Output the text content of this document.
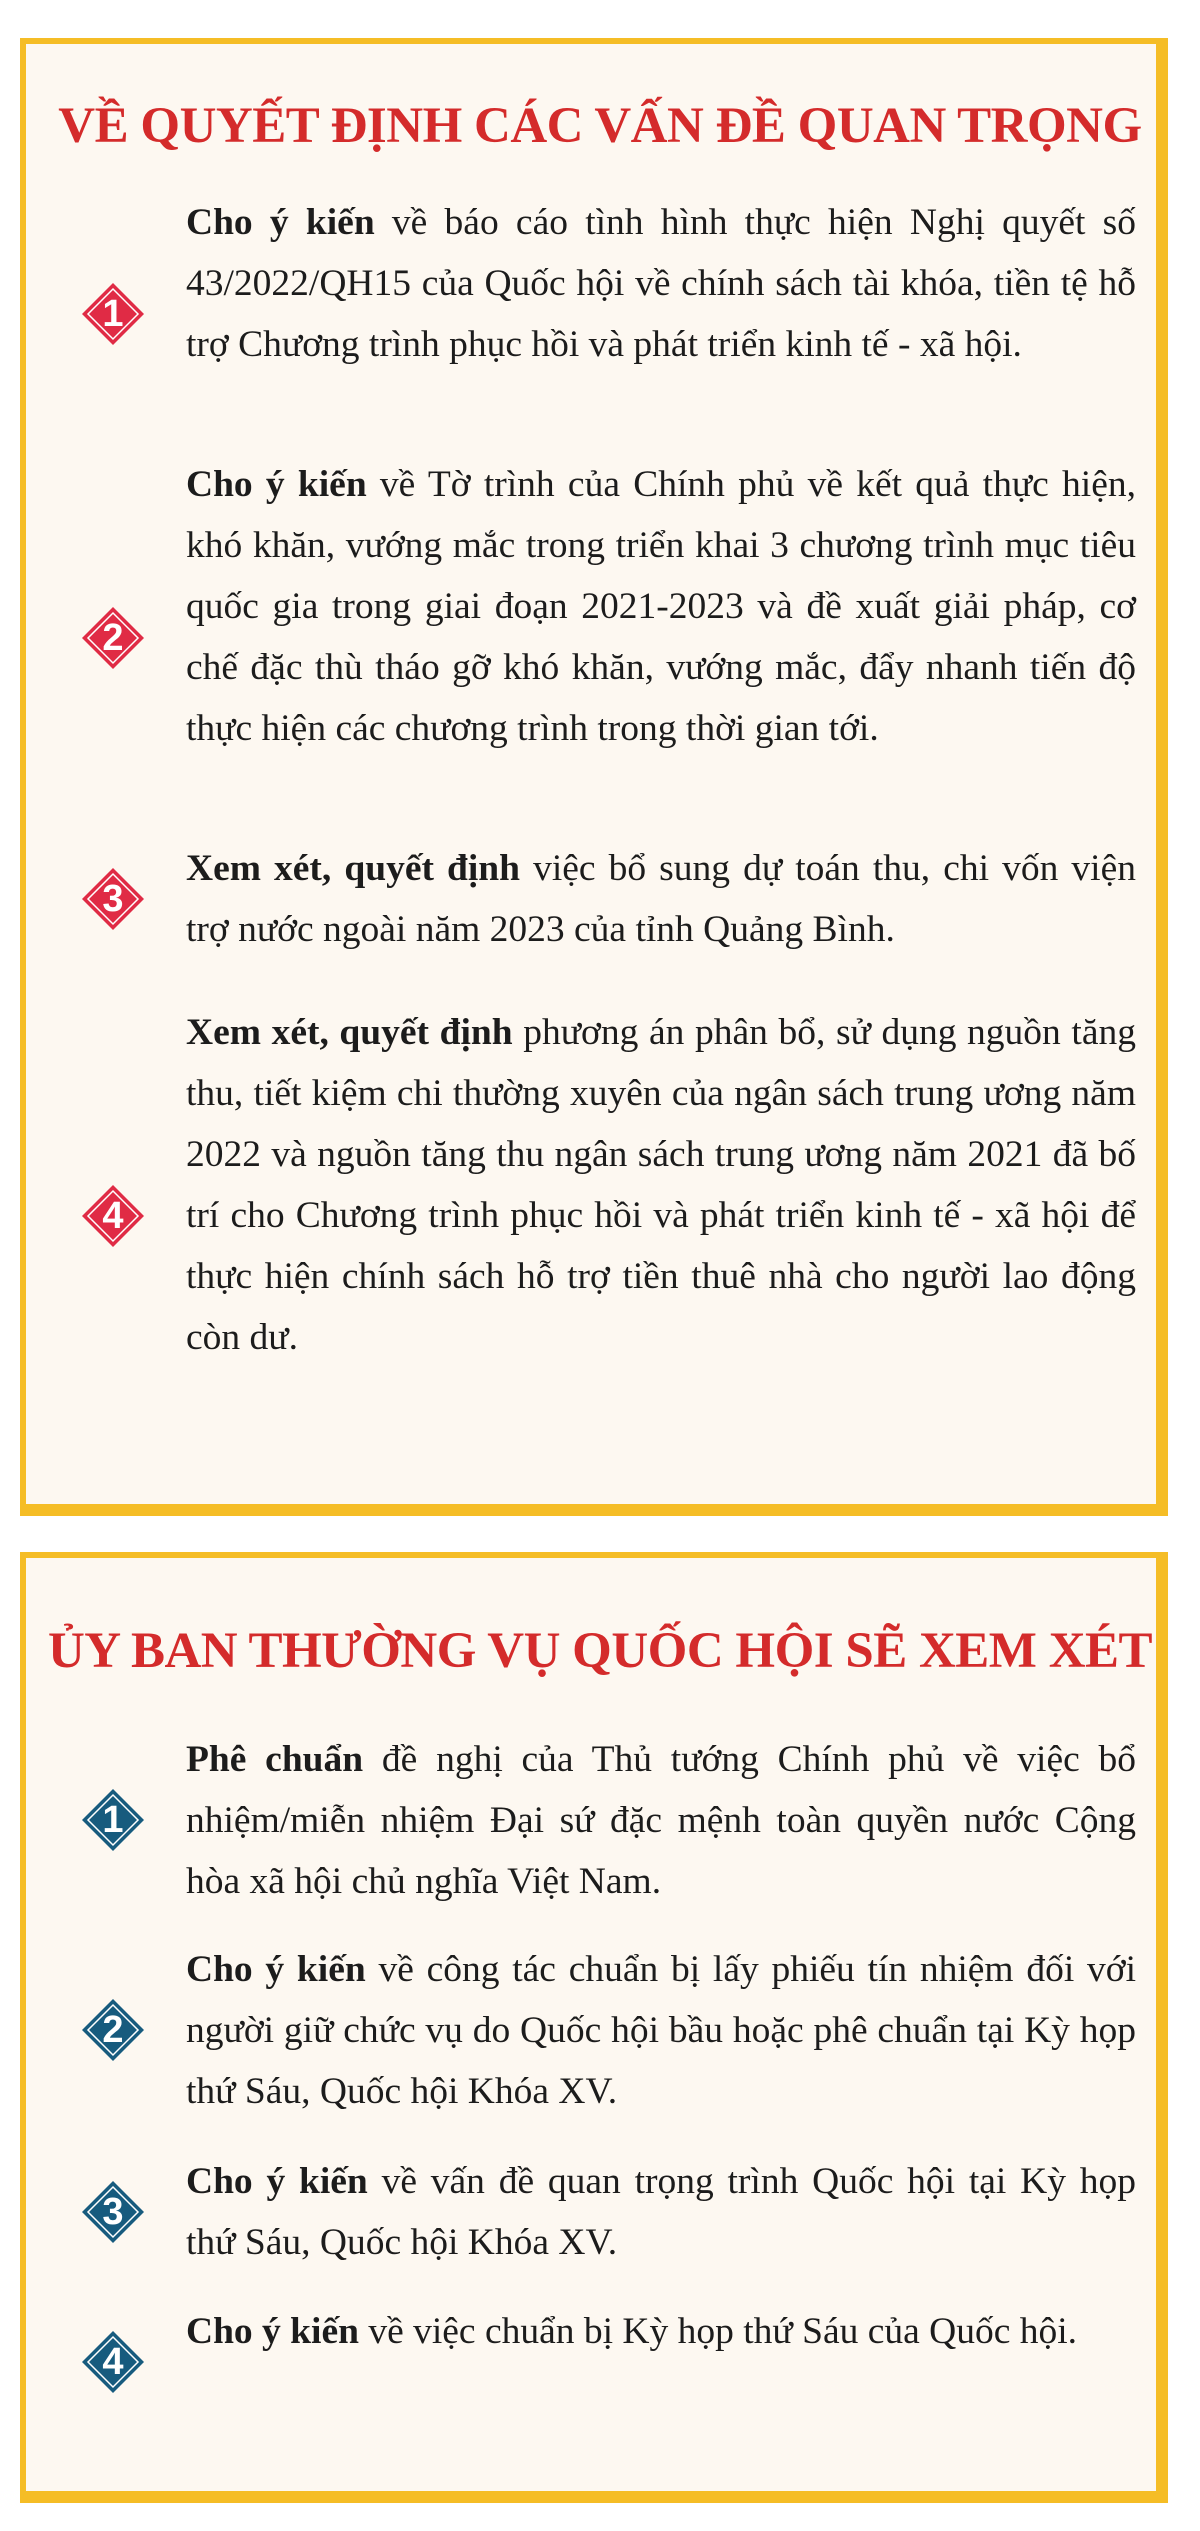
VỀ QUYẾT ĐỊNH CÁC VẤN ĐỀ QUAN TRỌNG
1

Cho ý kiến về báo cáo tình hình thực hiện Nghị quyết số 43/2022/QH15 của Quốc hội về chính sách tài khóa, tiền tệ hỗ trợ Chương trình phục hồi và phát triển kinh tế - xã hội.

2

Cho ý kiến về Tờ trình của Chính phủ về kết quả thực hiện, khó khăn, vướng mắc trong triển khai 3 chương trình mục tiêu quốc gia trong giai đoạn 2021-2023 và đề xuất giải pháp, cơ chế đặc thù tháo gỡ khó khăn, vướng mắc, đẩy nhanh tiến độ thực hiện các chương trình trong thời gian tới.

3

Xem xét, quyết định việc bổ sung dự toán thu, chi vốn viện trợ nước ngoài năm 2023 của tỉnh Quảng Bình.

4

Xem xét, quyết định phương án phân bổ, sử dụng nguồn tăng thu, tiết kiệm chi thường xuyên của ngân sách trung ương năm 2022 và nguồn tăng thu ngân sách trung ương năm 2021 đã bố trí cho Chương trình phục hồi và phát triển kinh tế - xã hội để thực hiện chính sách hỗ trợ tiền thuê nhà cho người lao động còn dư.

ỦY BAN THƯỜNG VỤ QUỐC HỘI SẼ XEM XÉT
1

Phê chuẩn đề nghị của Thủ tướng Chính phủ về việc bổ nhiệm/miễn nhiệm Đại sứ đặc mệnh toàn quyền nước Cộng hòa xã hội chủ nghĩa Việt Nam.

2

Cho ý kiến về công tác chuẩn bị lấy phiếu tín nhiệm đối với người giữ chức vụ do Quốc hội bầu hoặc phê chuẩn tại Kỳ họp thứ Sáu, Quốc hội Khóa XV.

3

Cho ý kiến về vấn đề quan trọng trình Quốc hội tại Kỳ họp thứ Sáu, Quốc hội Khóa XV.

4

Cho ý kiến về việc chuẩn bị Kỳ họp thứ Sáu của Quốc hội.
